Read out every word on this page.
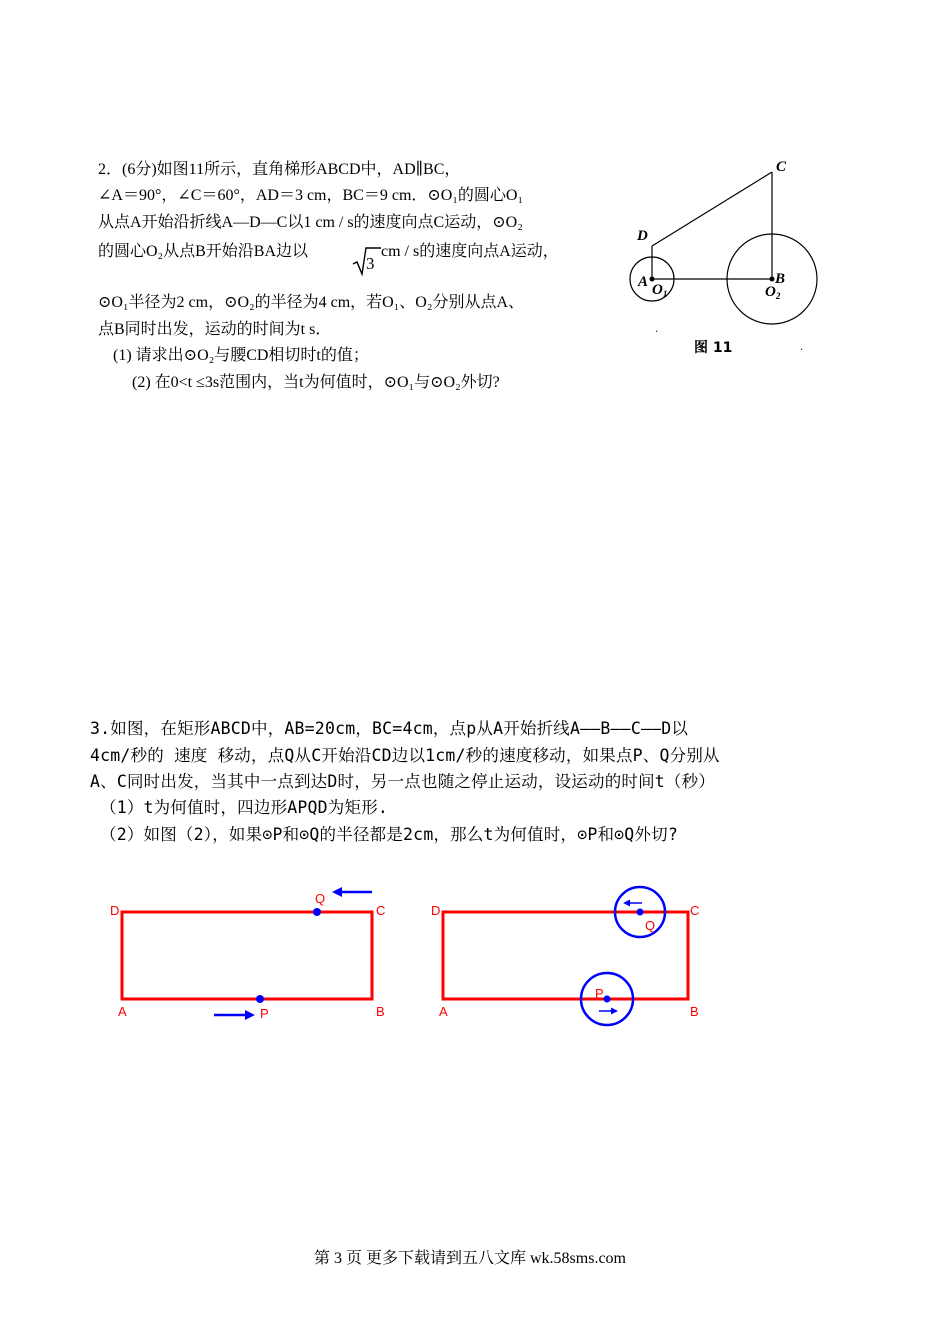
2．(6分)如图11所示，直角梯形ABCD中，AD∥BC，

∠A＝90°，∠C＝60°，AD＝3 cm，BC＝9 cm．⊙O₁的圆心O₁

从点A开始沿折线A—D—C以1 cm / s的速度向点C运动，⊙O₂

的圆心O₂从点B开始沿BA边以

3

cm / s的速度向点A运动，

⊙O₁半径为2 cm，⊙O₂的半径为4 cm，若O₁、O₂分别从点A、

点B同时出发，运动的时间为t s．

(1) 请求出⊙O₂与腰CD相切时t的值；

(2) 在0<t ≤3s范围内，当t为何值时，⊙O₁与⊙O₂外切?

C
D
A	B
$O_1$	$O_2$
图 11
.
.

3.如图，在矩形ABCD中，AB=20cm，BC=4cm，点p从A开始折线A——B——C——D以

4cm/秒的 速度 移动，点Q从C开始沿CD边以1cm/秒的速度移动，如果点P、Q分别从

A、C同时出发，当其中一点到达D时，另一点也随之停止运动，设运动的时间t（秒）

（1）t为何值时，四边形APQD为矩形.

（2）如图（2），如果⊙P和⊙Q的半径都是2cm，那么t为何值时，⊙P和⊙Q外切?

D	C
A	B
Q
P
D	C
A	B
Q
P

第 3 页 更多下载请到五八文库 wk.58sms.com
